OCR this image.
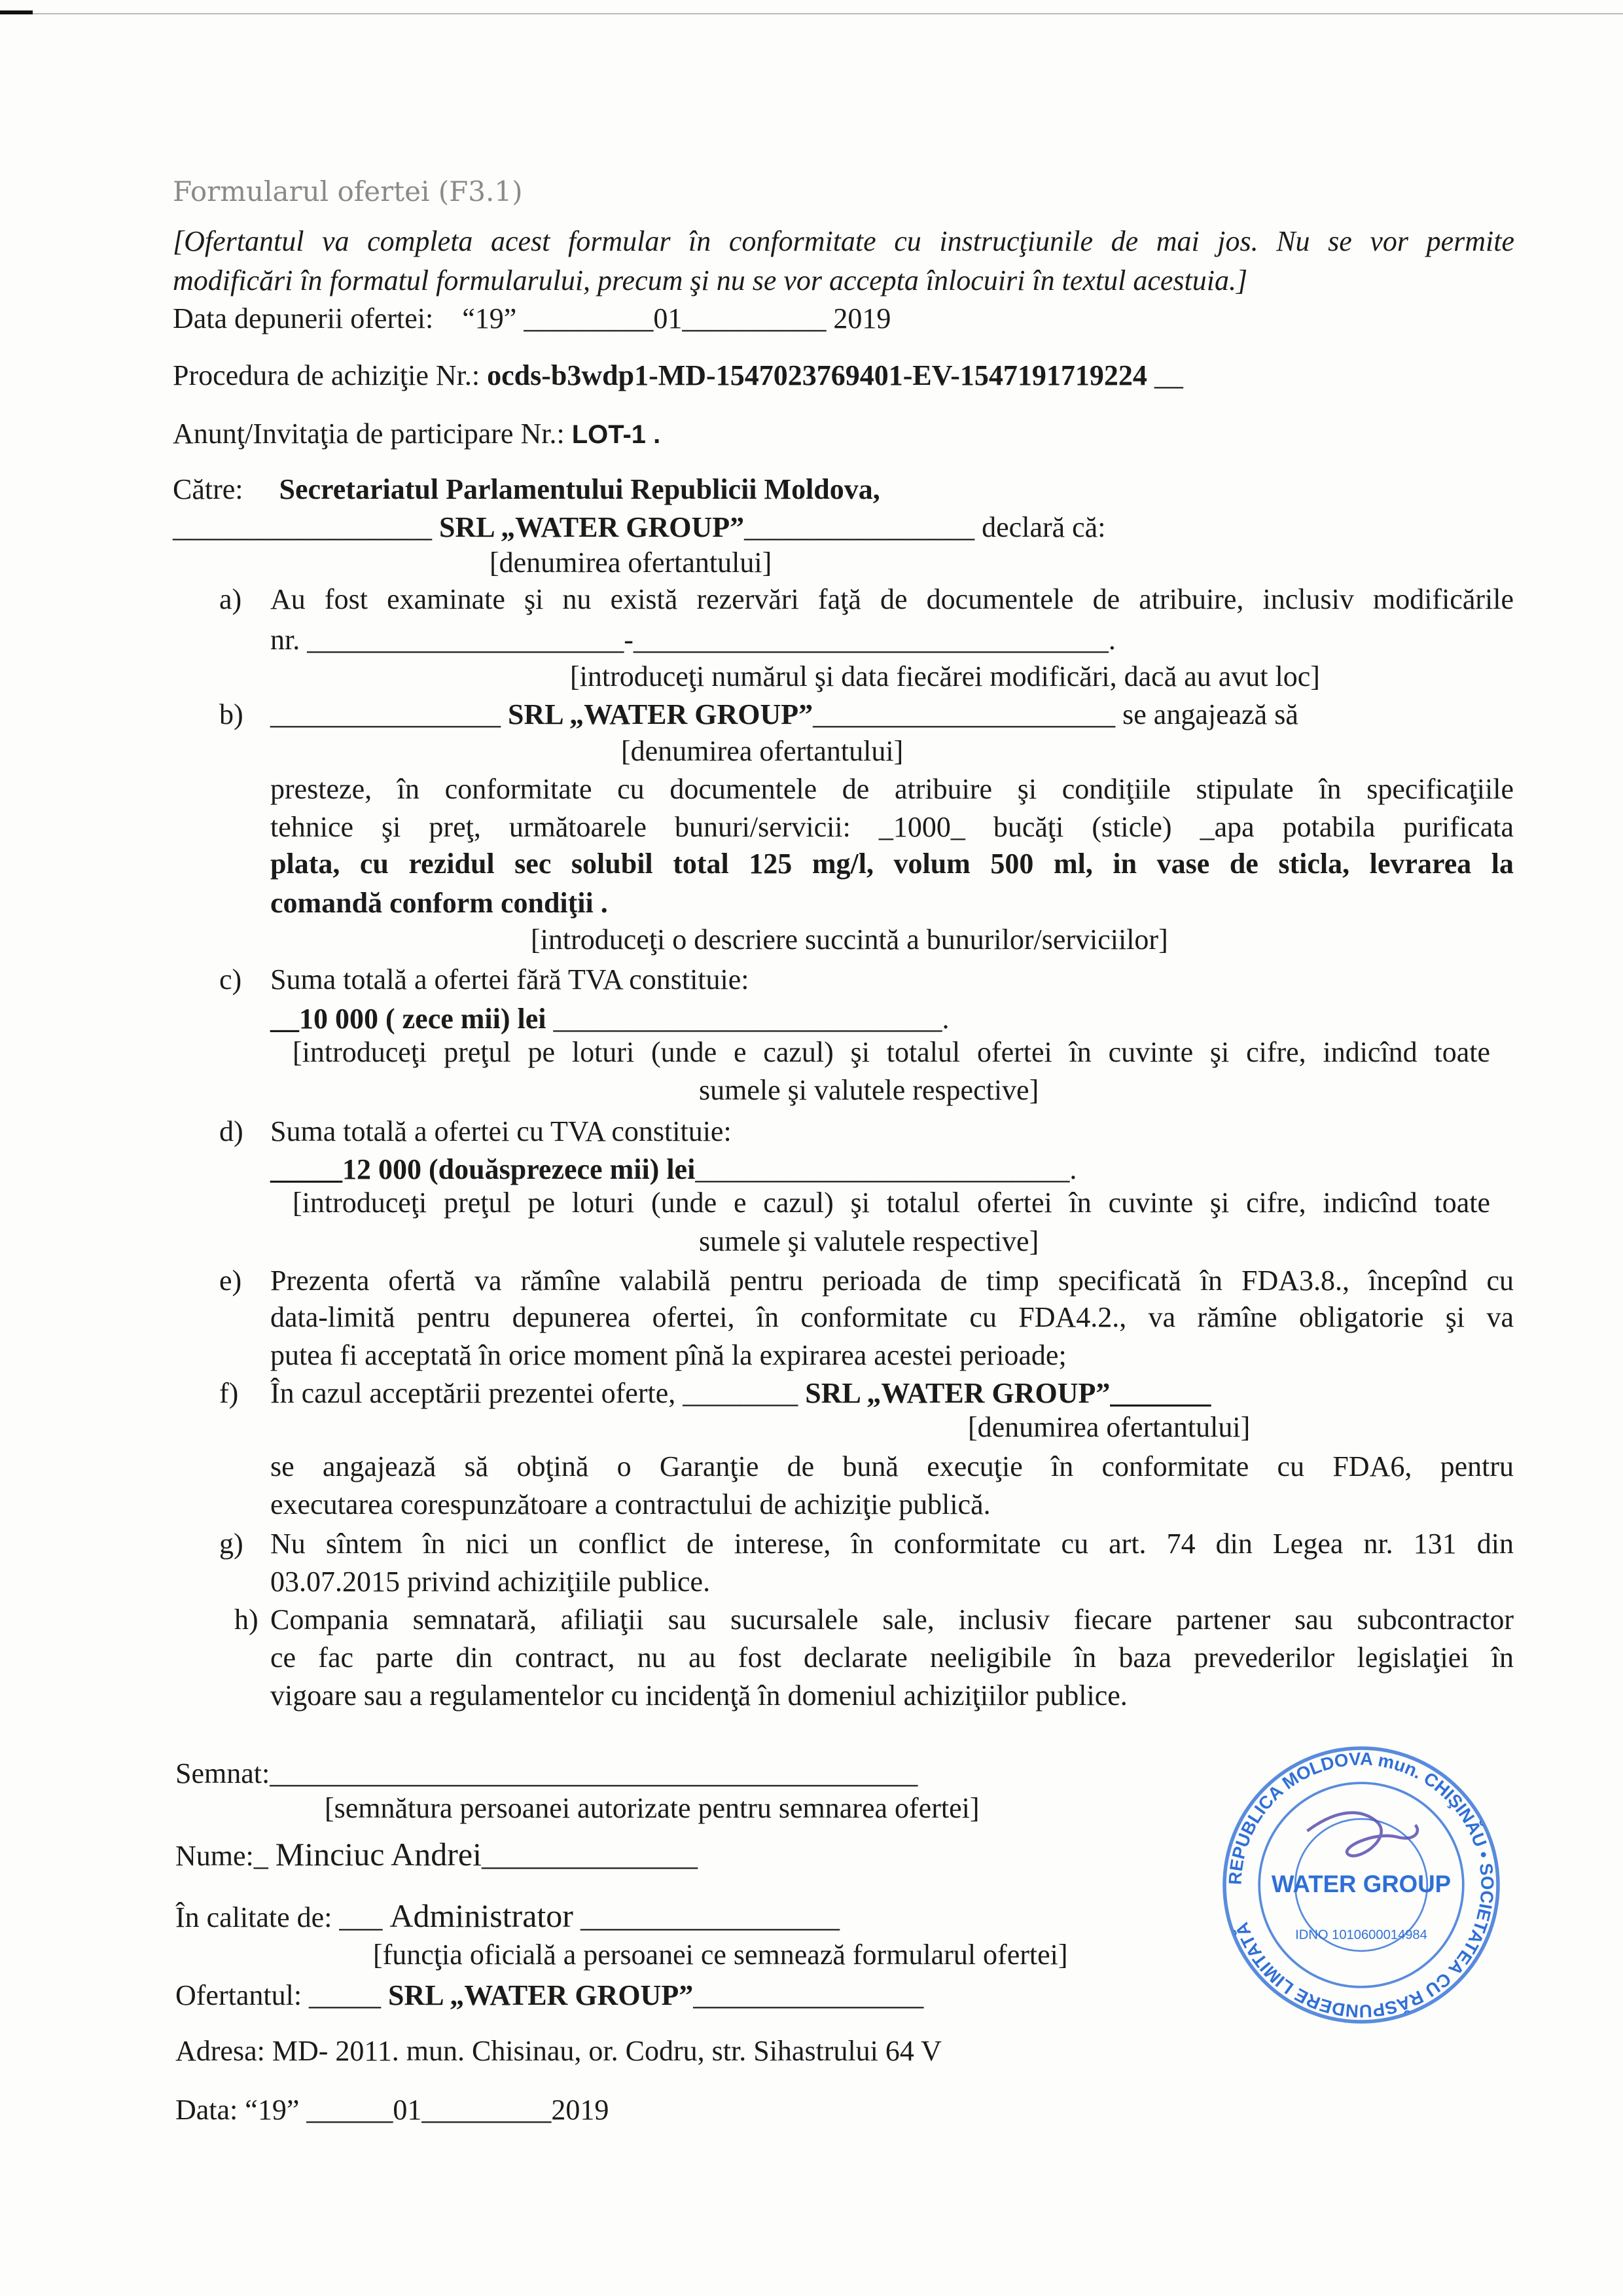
Formularul ofertei (F3.1)
[Ofertantul va completa acest formular în conformitate cu instrucţiunile de mai jos. Nu se vor permite
modificări în formatul formularului, precum şi nu se vor accepta înlocuiri în textul acestuia.]
Data depunerii ofertei: “19” _________01__________ 2019
Procedura de achiziţie Nr.: ocds-b3wdp1-MD-1547023769401-EV-1547191719224 __
Anunţ/Invitaţia de participare Nr.: LOT-1 .
Către: Secretariatul Parlamentului Republicii Moldova,
__________________ SRL „WATER GROUP”________________ declară că:
[denumirea ofertantului]
a) Au fost examinate şi nu există rezervări faţă de documentele de atribuire, inclusiv modificările
nr. ______________________-_________________________________.
[introduceţi numărul şi data fiecărei modificări, dacă au avut loc]
b) ________________ SRL „WATER GROUP”_____________________ se angajează să
[denumirea ofertantului]
presteze, în conformitate cu documentele de atribuire şi condiţiile stipulate în specificaţiile
tehnice şi preţ, următoarele bunuri/servicii: _1000_ bucăţi (sticle) _apa potabila purificata
plata, cu rezidul sec solubil total 125 mg/l, volum 500 ml, in vase de sticla, levrarea la
comandă conform condiţii .
[introduceţi o descriere succintă a bunurilor/serviciilor]
c) Suma totală a ofertei fără TVA constituie:
__10 000 ( zece mii) lei ___________________________.
[introduceţi preţul pe loturi (unde e cazul) şi totalul ofertei în cuvinte şi cifre, indicînd toate
sumele şi valutele respective]
d) Suma totală a ofertei cu TVA constituie:
_____12 000 (douăsprezece mii) lei__________________________.
[introduceţi preţul pe loturi (unde e cazul) şi totalul ofertei în cuvinte şi cifre, indicînd toate
sumele şi valutele respective]
e) Prezenta ofertă va rămîne valabilă pentru perioada de timp specificată în FDA3.8., începînd cu
data-limită pentru depunerea ofertei, în conformitate cu FDA4.2., va rămîne obligatorie şi va
putea fi acceptată în orice moment pînă la expirarea acestei perioade;
f) În cazul acceptării prezentei oferte, ________ SRL „WATER GROUP”_______
[denumirea ofertantului]
se angajează să obţină o Garanţie de bună execuţie în conformitate cu FDA6, pentru
executarea corespunzătoare a contractului de achiziţie publică.
g) Nu sîntem în nici un conflict de interese, în conformitate cu art. 74 din Legea nr. 131 din
03.07.2015 privind achiziţiile publice.
h) Compania semnatară, afiliaţii sau sucursalele sale, inclusiv fiecare partener sau subcontractor
ce fac parte din contract, nu au fost declarate neeligibile în baza prevederilor legislaţiei în
vigoare sau a regulamentelor cu incidenţă în domeniul achiziţiilor publice.
Semnat:_____________________________________________
[semnătura persoanei autorizate pentru semnarea ofertei]
Nume:_ Minciuc Andrei_______________
În calitate de: ___ Administrator __________________
[funcţia oficială a persoanei ce semnează formularul ofertei]
Ofertantul: _____ SRL „WATER GROUP”________________
Adresa: MD- 2011. mun. Chisinau, or. Codru, str. Sihastrului 64 V
Data: “19” ______01_________2019
REPUBLICA MOLDOVA mun. CHIŞINĂU • SOCIETATEA CU RĂSPUNDERE LIMITATĂ
WATER GROUP
IDNO 1010600014984
